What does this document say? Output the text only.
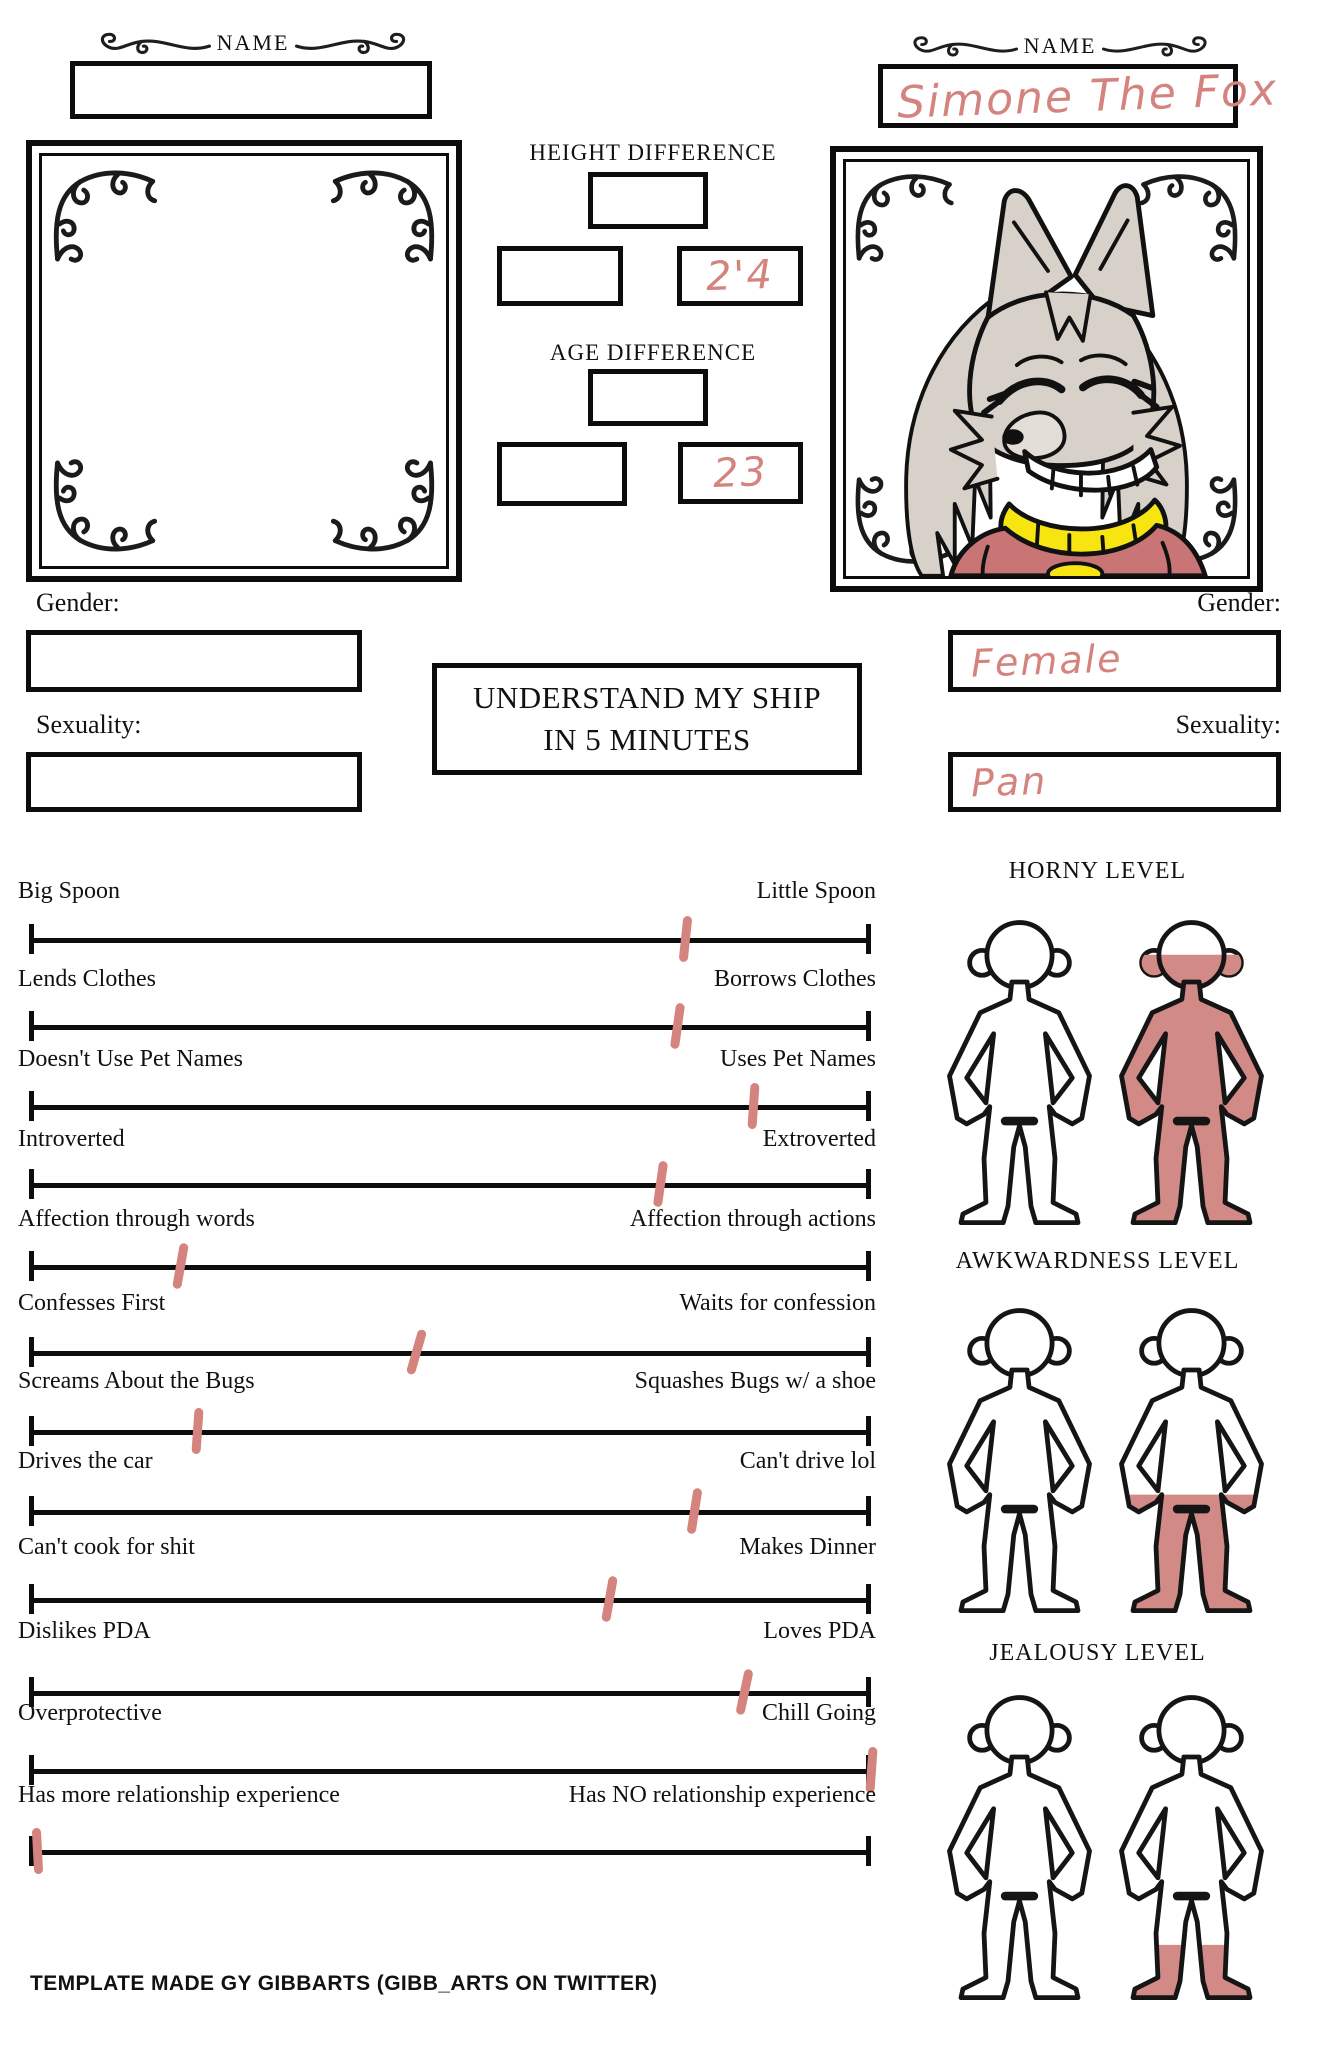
NAME
HEIGHT DIFFERENCE
2'4
AGE DIFFERENCE
23
NAME
Simone The Fox
Gender:
Sexuality:
Gender:
Female
Sexuality:
Pan
UNDERSTAND MY SHIP
IN 5 MINUTES
Big Spoon	Little Spoon
Lends Clothes	Borrows Clothes
Doesn't Use Pet Names	Uses Pet Names
Introverted	Extroverted
Affection through words	Affection through actions
Confesses First	Waits for confession
Screams About the Bugs	Squashes Bugs w/ a shoe
Drives the car	Can't drive lol
Can't cook for shit	Makes Dinner
Dislikes PDA	Loves PDA
Overprotective	Chill Going
Has more relationship experience	Has NO relationship experience
HORNY LEVEL
AWKWARDNESS LEVEL
JEALOUSY LEVEL
TEMPLATE MADE GY GIBBARTS (GIBB_ARTS ON TWITTER)
